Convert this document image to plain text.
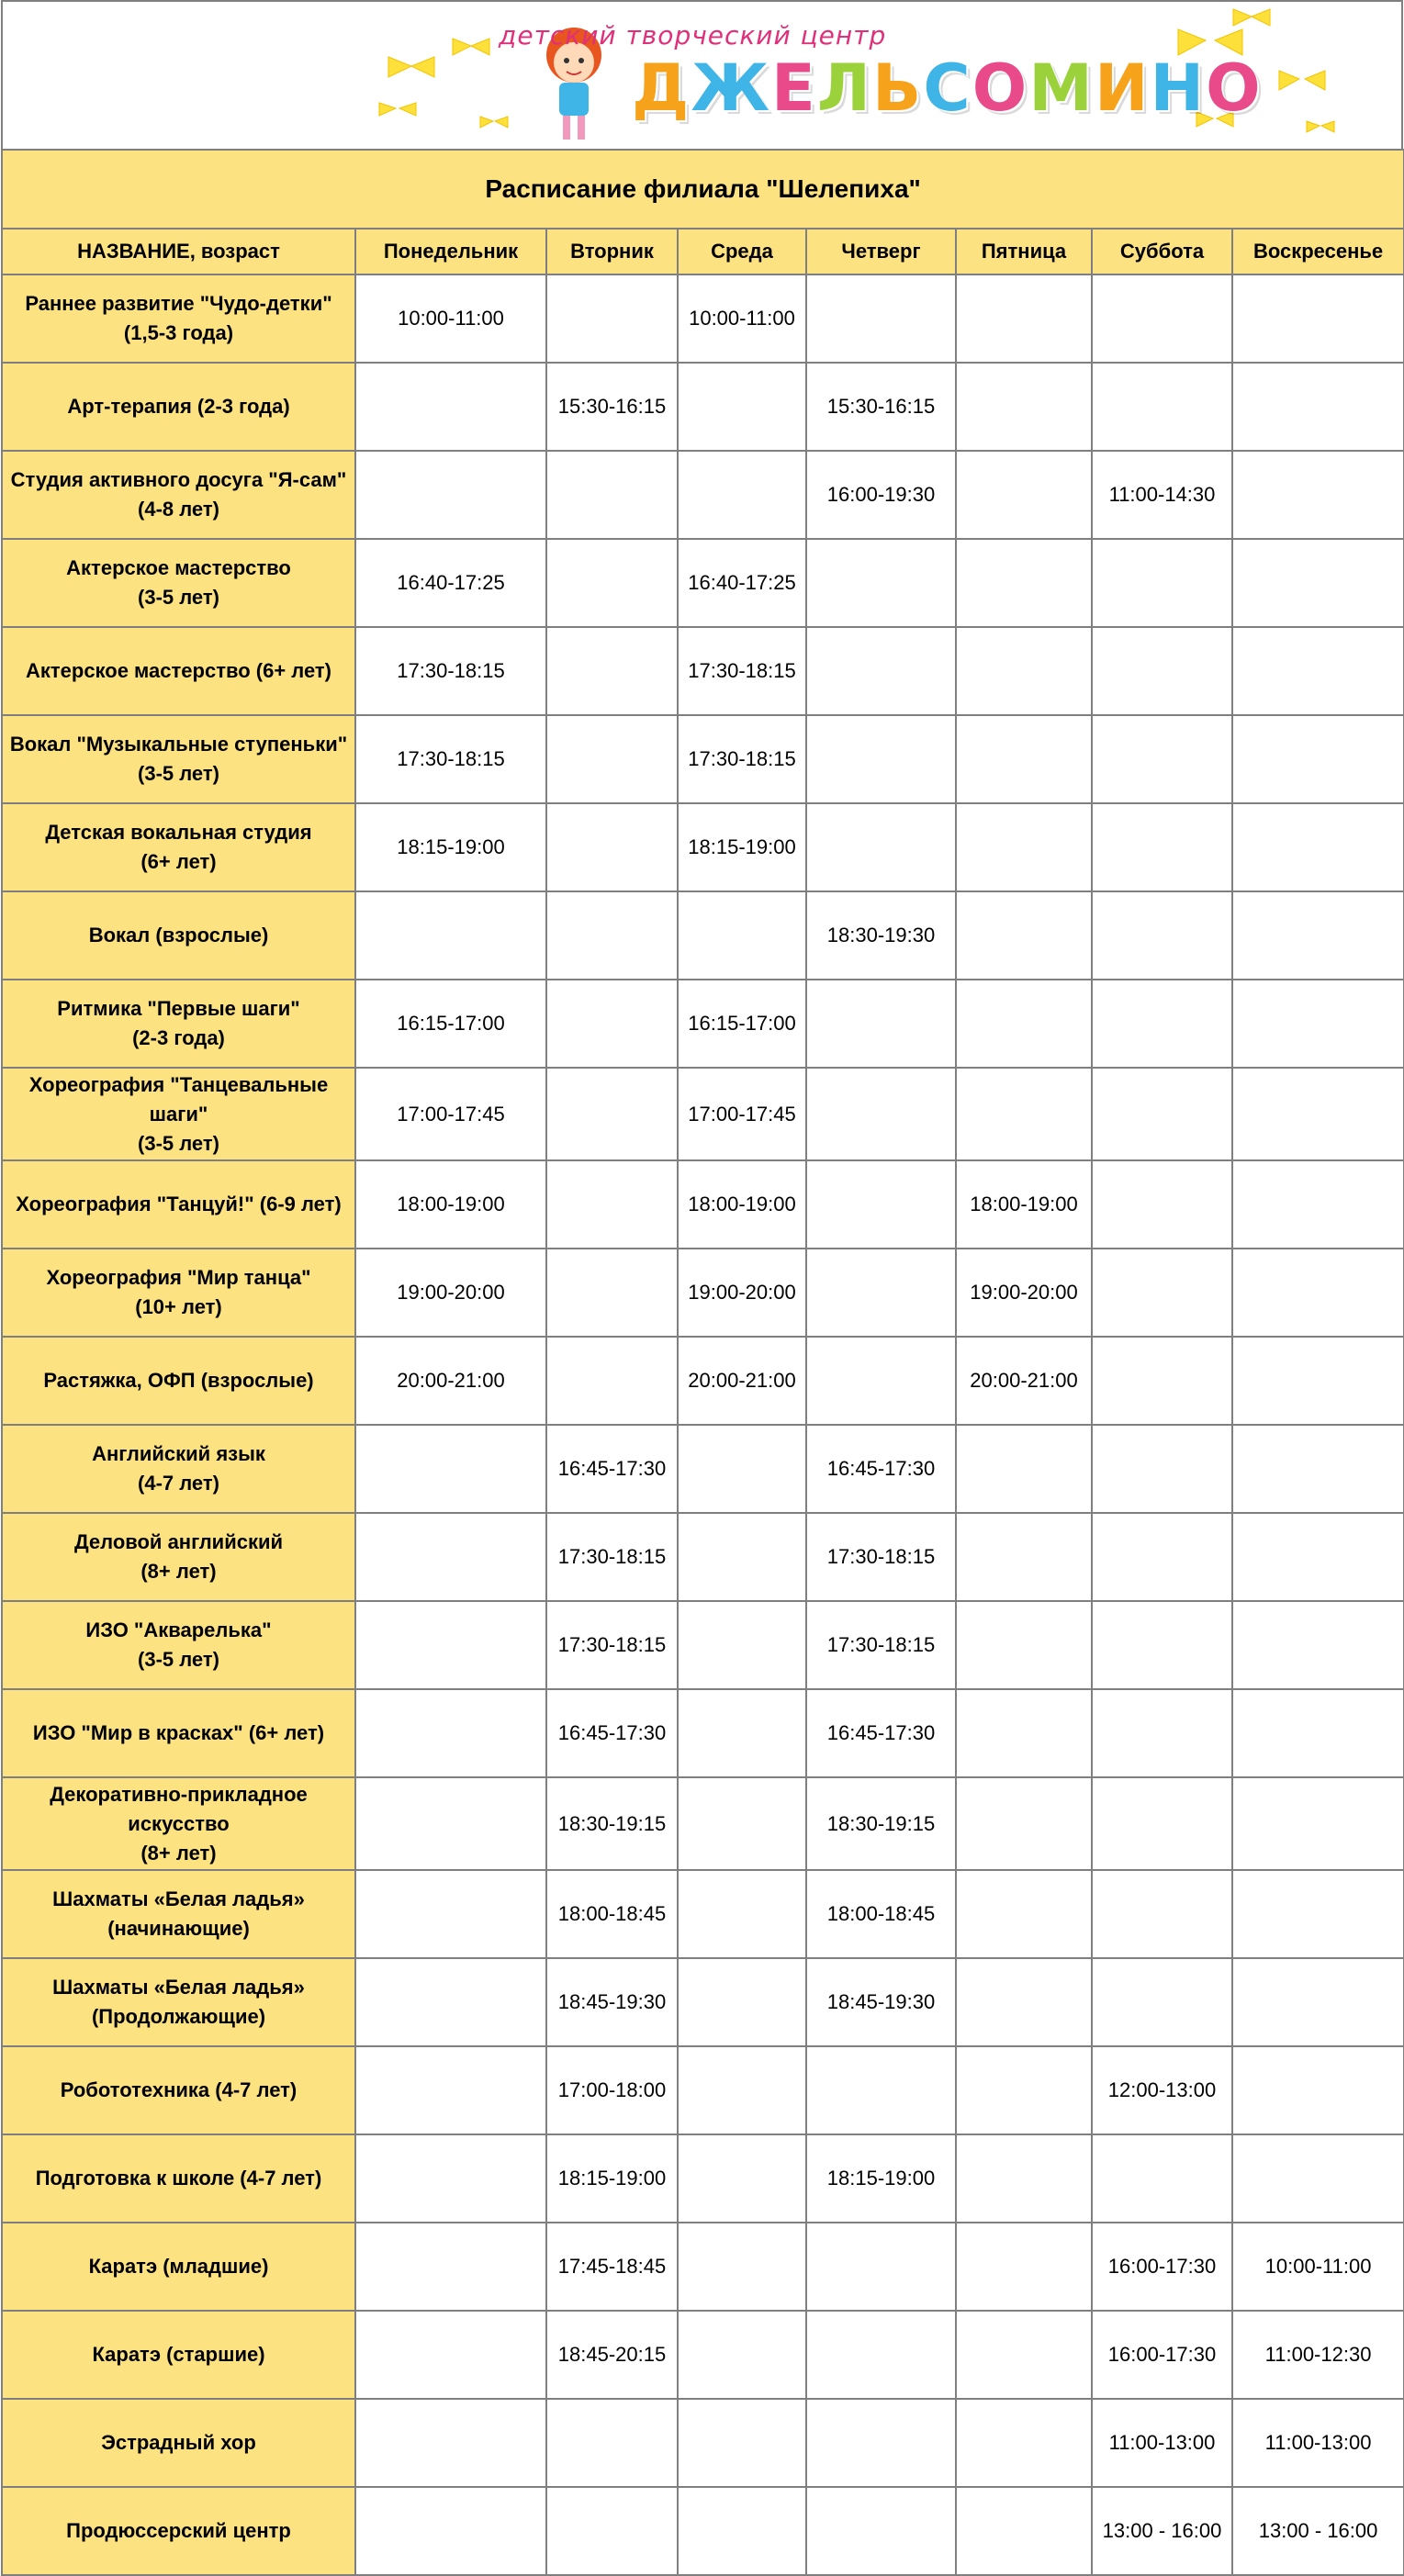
детский творческий центр
ДЖЕЛЬСОМИНО
Расписание филиала "Шелепиха"							
НАЗВАНИЕ, возраст	Понедельник	Вторник	Среда	Четверг	Пятница	Суббота	Воскресенье
Раннее развитие "Чудо-детки"
(1,5-3 года)	10:00-11:00		10:00-11:00				
Арт-терапия (2-3 года)		15:30-16:15		15:30-16:15			
Студия активного досуга "Я-сам"
(4-8 лет)				16:00-19:30		11:00-14:30	
Актерское мастерство
(3-5 лет)	16:40-17:25		16:40-17:25				
Актерское мастерство (6+ лет)	17:30-18:15		17:30-18:15				
Вокал "Музыкальные ступеньки"
(3-5 лет)	17:30-18:15		17:30-18:15				
Детская вокальная студия
(6+ лет)	18:15-19:00		18:15-19:00				
Вокал (взрослые)				18:30-19:30			
Ритмика "Первые шаги"
(2-3 года)	16:15-17:00		16:15-17:00				
Хореография "Танцевальные
шаги"
(3-5 лет)	17:00-17:45		17:00-17:45				
Хореография "Танцуй!" (6-9 лет)	18:00-19:00		18:00-19:00		18:00-19:00		
Хореография "Мир танца"
(10+ лет)	19:00-20:00		19:00-20:00		19:00-20:00		
Растяжка, ОФП (взрослые)	20:00-21:00		20:00-21:00		20:00-21:00		
Английский язык
(4-7 лет)		16:45-17:30		16:45-17:30			
Деловой английский
(8+ лет)		17:30-18:15		17:30-18:15			
ИЗО "Акварелька"
(3-5 лет)		17:30-18:15		17:30-18:15			
ИЗО "Мир в красках" (6+ лет)		16:45-17:30		16:45-17:30			
Декоративно-прикладное
искусство
(8+ лет)		18:30-19:15		18:30-19:15			
Шахматы «Белая ладья»
(начинающие)		18:00-18:45		18:00-18:45			
Шахматы «Белая ладья»
(Продолжающие)		18:45-19:30		18:45-19:30			
Робототехника (4-7 лет)		17:00-18:00				12:00-13:00	
Подготовка к школе (4-7 лет)		18:15-19:00		18:15-19:00			
Каратэ (младшие)		17:45-18:45				16:00-17:30	10:00-11:00
Каратэ (старшие)		18:45-20:15				16:00-17:30	11:00-12:30
Эстрадный хор						11:00-13:00	11:00-13:00
Продюссерский центр						13:00 - 16:00	13:00 - 16:00
